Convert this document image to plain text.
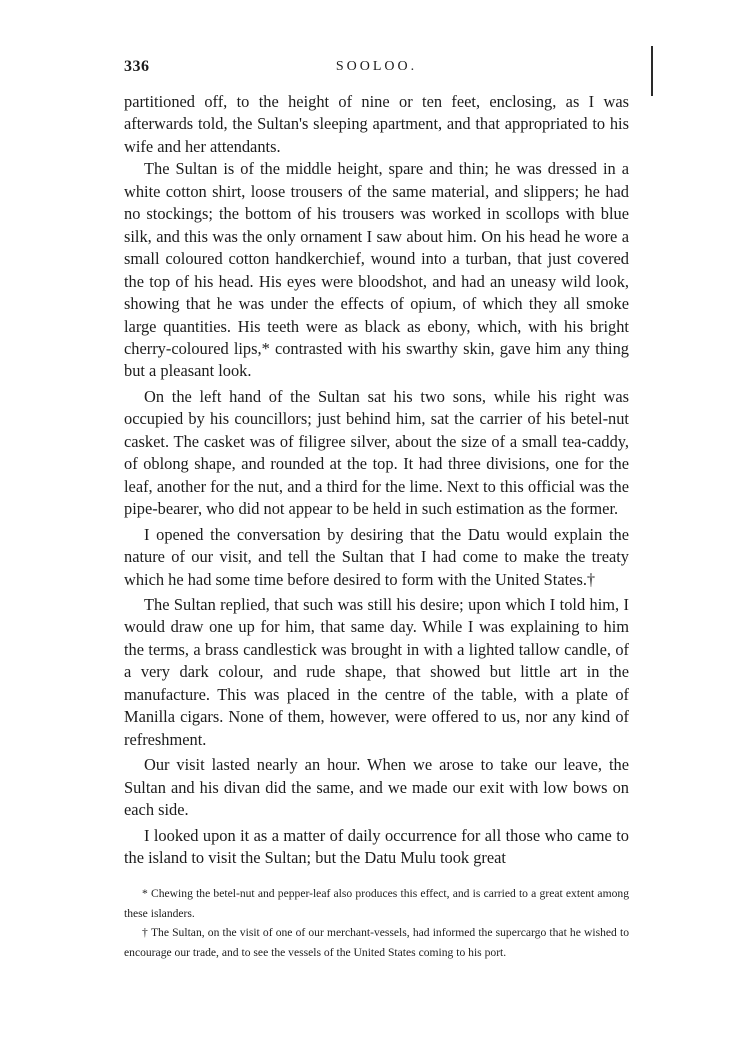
336	SOOLOO.

partitioned off, to the height of nine or ten feet, enclosing, as I was afterwards told, the Sultan's sleeping apartment, and that appropriated to his wife and her attendants.

The Sultan is of the middle height, spare and thin; he was dressed in a white cotton shirt, loose trousers of the same material, and slippers; he had no stockings; the bottom of his trousers was worked in scollops with blue silk, and this was the only ornament I saw about him. On his head he wore a small coloured cotton handkerchief, wound into a turban, that just covered the top of his head. His eyes were bloodshot, and had an uneasy wild look, showing that he was under the effects of opium, of which they all smoke large quantities. His teeth were as black as ebony, which, with his bright cherry-coloured lips,* contrasted with his swarthy skin, gave him any thing but a pleasant look.

On the left hand of the Sultan sat his two sons, while his right was occupied by his councillors; just behind him, sat the carrier of his betel-nut casket. The casket was of filigree silver, about the size of a small tea-caddy, of oblong shape, and rounded at the top. It had three divisions, one for the leaf, another for the nut, and a third for the lime. Next to this official was the pipe-bearer, who did not appear to be held in such estimation as the former.

I opened the conversation by desiring that the Datu would explain the nature of our visit, and tell the Sultan that I had come to make the treaty which he had some time before desired to form with the United States.†

The Sultan replied, that such was still his desire; upon which I told him, I would draw one up for him, that same day. While I was explaining to him the terms, a brass candlestick was brought in with a lighted tallow candle, of a very dark colour, and rude shape, that showed but little art in the manufacture. This was placed in the centre of the table, with a plate of Manilla cigars. None of them, however, were offered to us, nor any kind of refreshment.

Our visit lasted nearly an hour. When we arose to take our leave, the Sultan and his divan did the same, and we made our exit with low bows on each side.

I looked upon it as a matter of daily occurrence for all those who came to the island to visit the Sultan; but the Datu Mulu took great

* Chewing the betel-nut and pepper-leaf also produces this effect, and is carried to a great extent among these islanders.

† The Sultan, on the visit of one of our merchant-vessels, had informed the supercargo that he wished to encourage our trade, and to see the vessels of the United States coming to his port.
